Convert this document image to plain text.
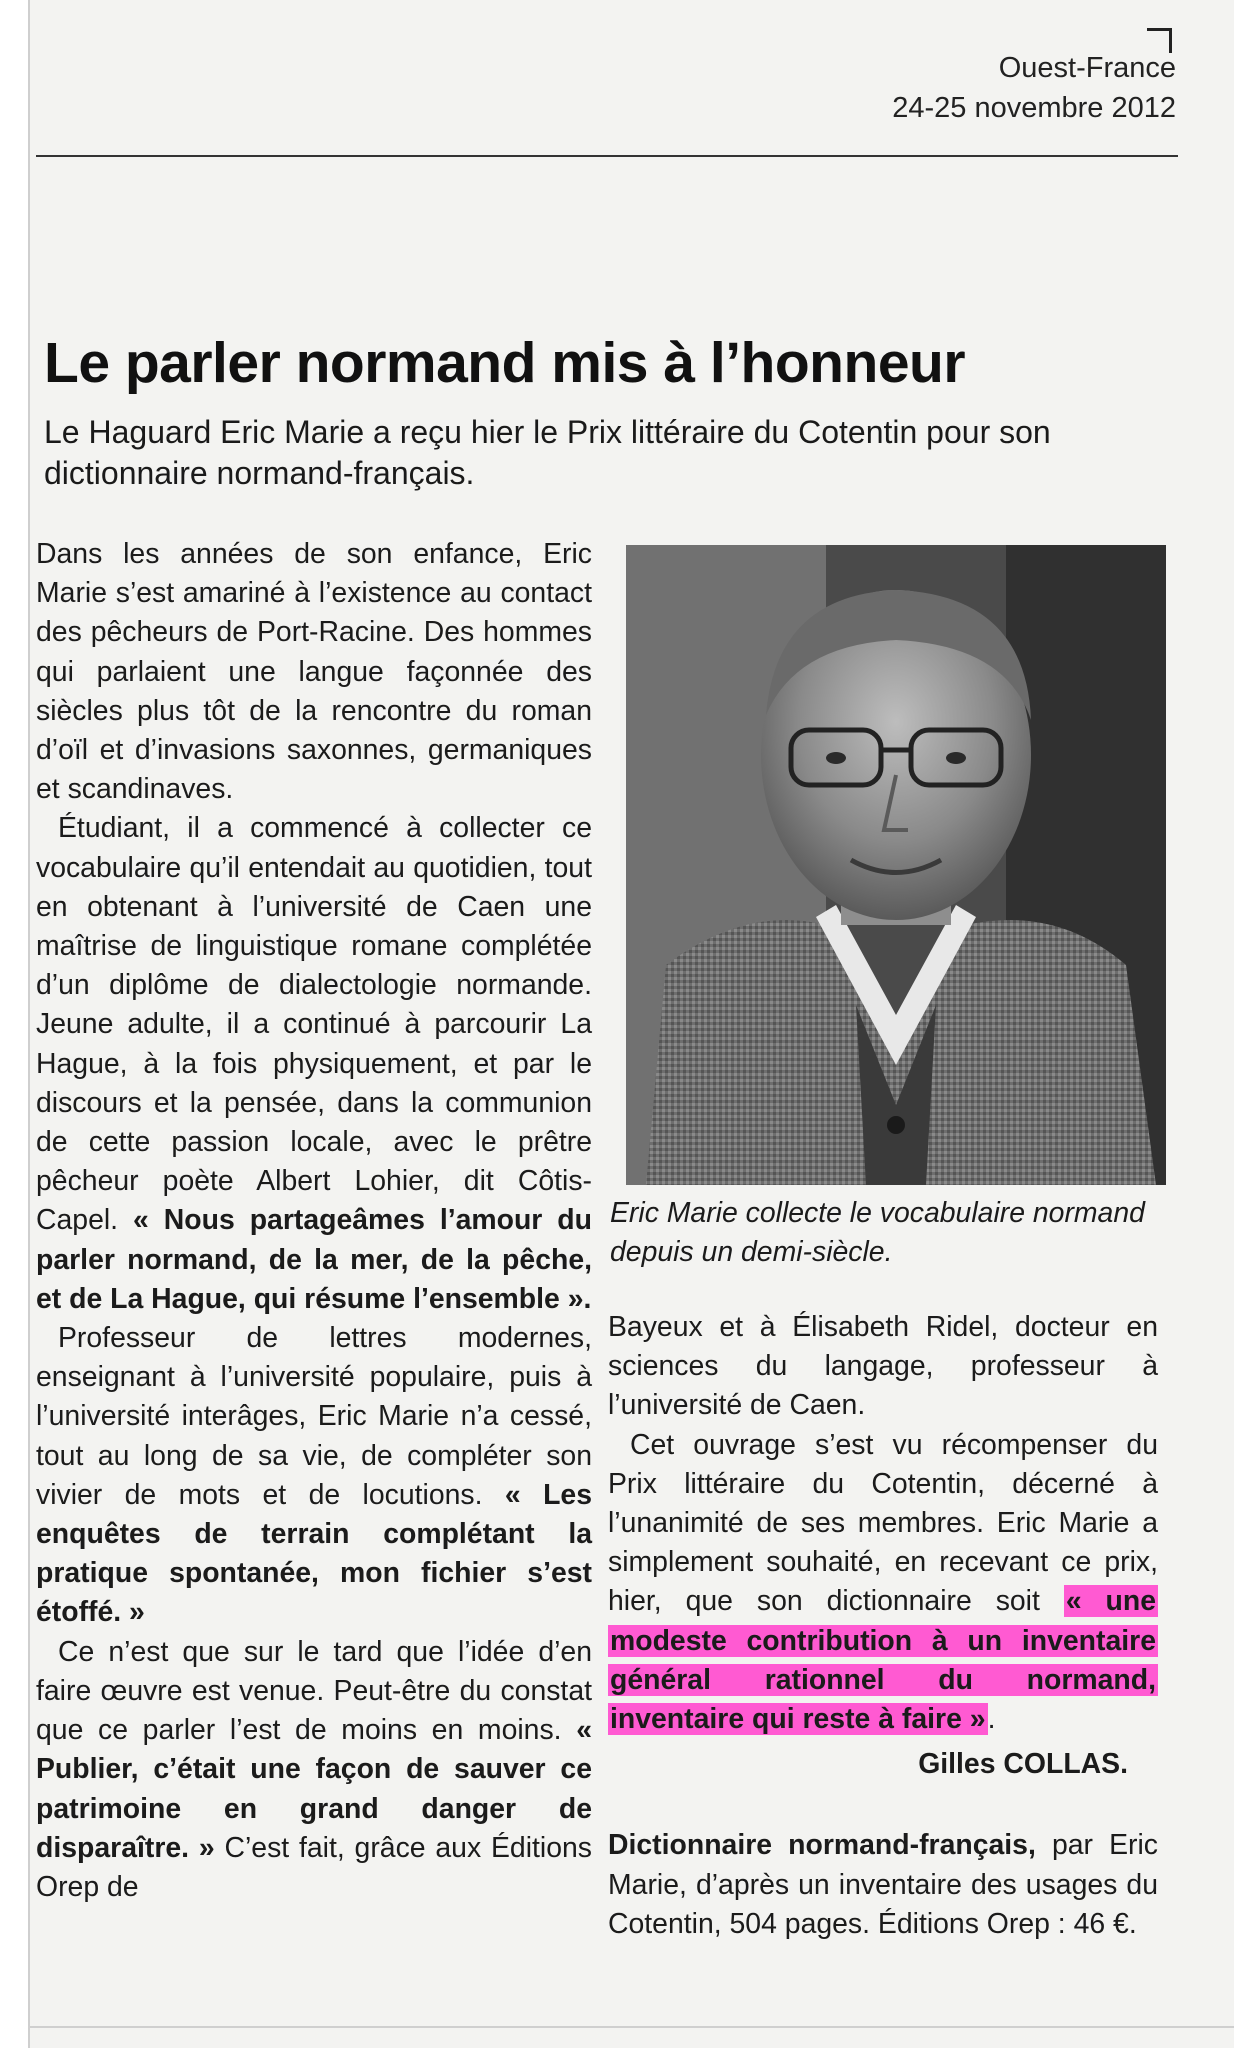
Ouest-France
24-25 novembre 2012
Le parler normand mis à l’honneur

Le Haguard Eric Marie a reçu hier le Prix littéraire du Cotentin pour son dictionnaire normand-français.

Dans les années de son enfance, Eric Marie s’est amariné à l’existence au contact des pêcheurs de Port-Racine. Des hommes qui parlaient une langue façonnée des siècles plus tôt de la rencontre du roman d’oïl et d’invasions saxonnes, germaniques et scandinaves.

Étudiant, il a commencé à collecter ce vocabulaire qu’il entendait au quotidien, tout en obtenant à l’université de Caen une maîtrise de linguistique romane complétée d’un diplôme de dialectologie normande. Jeune adulte, il a continué à parcourir La Hague, à la fois physiquement, et par le discours et la pensée, dans la communion de cette passion locale, avec le prêtre pêcheur poète Albert Lohier, dit Côtis-Capel. « Nous partageâmes l’amour du parler normand, de la mer, de la pêche, et de La Hague, qui résume l’ensemble ».

Professeur de lettres modernes, enseignant à l’université populaire, puis à l’université interâges, Eric Marie n’a cessé, tout au long de sa vie, de compléter son vivier de mots et de locutions. « Les enquêtes de terrain complétant la pratique spontanée, mon fichier s’est étoffé. »

Ce n’est que sur le tard que l’idée d’en faire œuvre est venue. Peut-être du constat que ce parler l’est de moins en moins. « Publier, c’était une façon de sauver ce patrimoine en grand danger de disparaître. » C’est fait, grâce aux Éditions Orep de

Eric Marie collecte le vocabulaire normand depuis un demi-siècle.

Bayeux et à Élisabeth Ridel, docteur en sciences du langage, professeur à l’université de Caen.

Cet ouvrage s’est vu récompenser du Prix littéraire du Cotentin, décerné à l’unanimité de ses membres. Eric Marie a simplement souhaité, en recevant ce prix, hier, que son dictionnaire soit « une modeste contribution à un inventaire général rationnel du normand, inventaire qui reste à faire ».

Gilles COLLAS.

Dictionnaire normand-français, par Eric Marie, d’après un inventaire des usages du Cotentin, 504 pages. Éditions Orep : 46 €.
